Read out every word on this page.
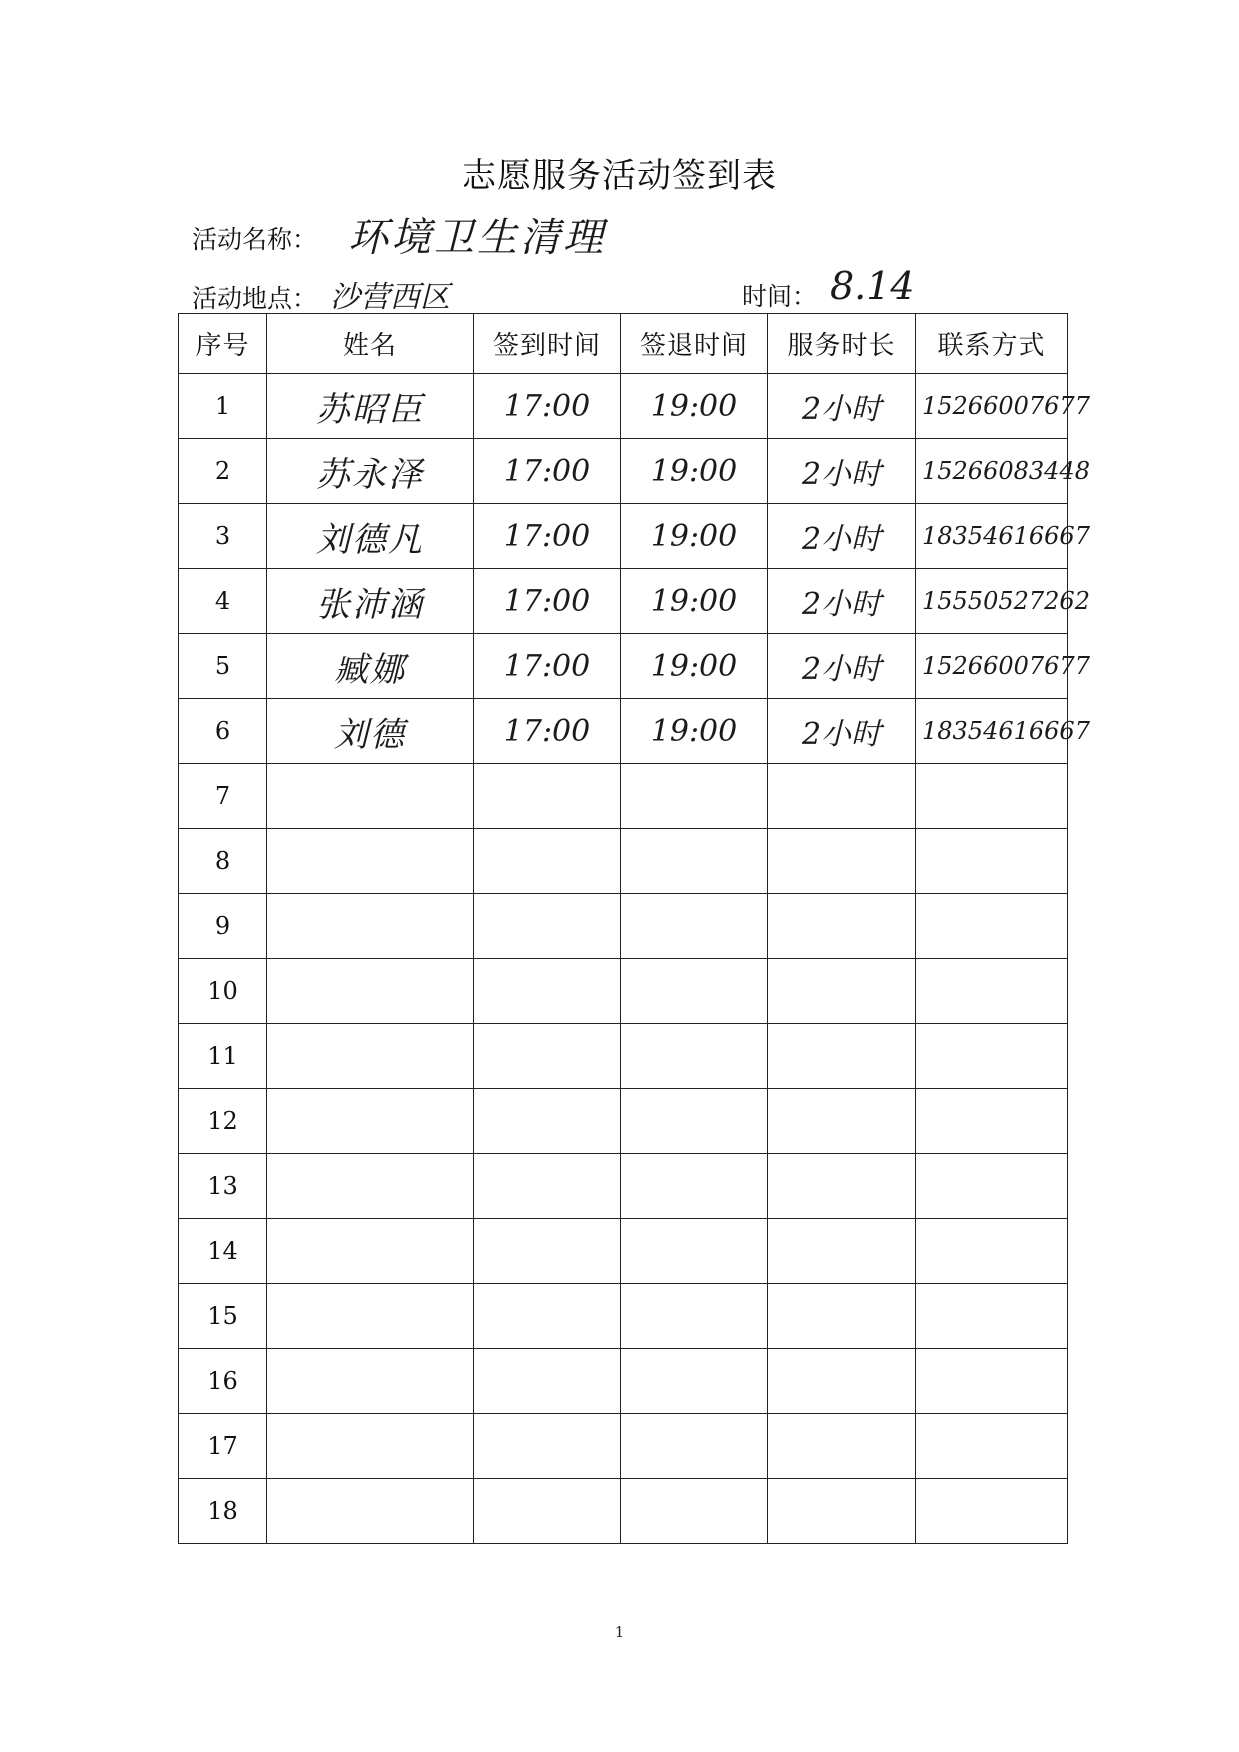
志愿服务活动签到表
活动名称： 环境卫生清理
活动地点： 沙营西区	时间： 8.14
序号	姓名	签到时间	签退时间	服务时长	联系方式
1	苏昭臣	17:00	19:00	2小时	15266007677
2	苏永泽	17:00	19:00	2小时	15266083448
3	刘德凡	17:00	19:00	2小时	18354616667
4	张沛涵	17:00	19:00	2小时	15550527262
5	臧娜	17:00	19:00	2小时	15266007677
6	刘德	17:00	19:00	2小时	18354616667
7					
8					
9					
10					
11					
12					
13					
14					
15					
16					
17					
18					
1
